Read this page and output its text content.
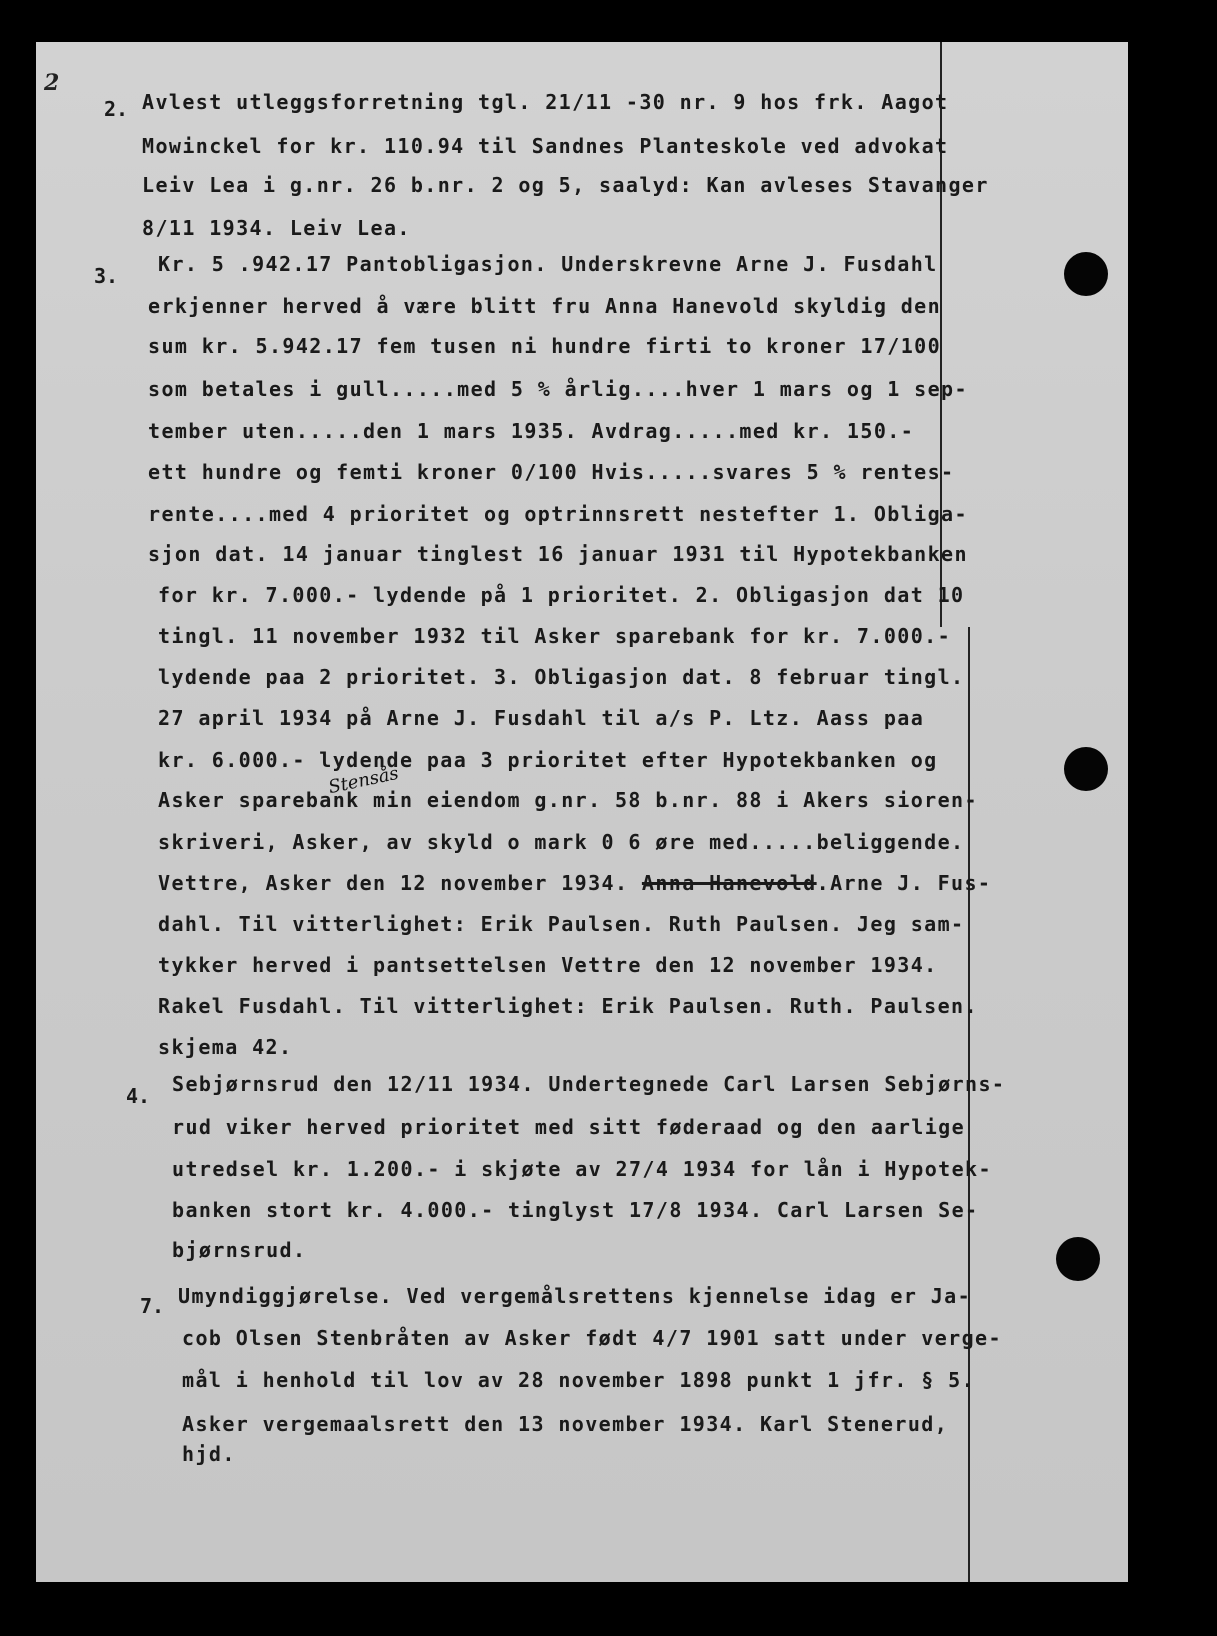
2
2. Avlest utleggsforretning tgl. 21/11 -30 nr. 9 hos frk. Aagot
Mowinckel for kr. 110.94 til Sandnes Planteskole ved advokat
Leiv Lea i g.nr. 26 b.nr. 2 og 5, saalyd: Kan avleses Stavanger
8/11 1934. Leiv Lea.
3. Kr. 5 .942.17 Pantobligasjon. Underskrevne Arne J. Fusdahl
erkjenner herved å være blitt fru Anna Hanevold skyldig den
sum kr. 5.942.17 fem tusen ni hundre firti to kroner 17/100
som betales i gull.....med 5 % årlig....hver 1 mars og 1 sep-
tember uten.....den 1 mars 1935. Avdrag.....med kr. 150.-
ett hundre og femti kroner 0/100 Hvis.....svares 5 % rentes-
rente....med 4 prioritet og optrinnsrett nestefter 1. Obliga-
sjon dat. 14 januar tinglest 16 januar 1931 til Hypotekbanken
for kr. 7.000.- lydende på 1 prioritet. 2. Obligasjon dat 10
tingl. 11 november 1932 til Asker sparebank for kr. 7.000.-
lydende paa 2 prioritet. 3. Obligasjon dat. 8 februar tingl.
27 april 1934 på Arne J. Fusdahl til a/s P. Ltz. Aass paa
kr. 6.000.- lydende paa 3 prioritet efter Hypotekbanken og
Stensås
Asker sparebank min eiendom g.nr. 58 b.nr. 88 i Akers sioren-
skriveri, Asker, av skyld o mark 0 6 øre med.....beliggende.
Vettre, Asker den 12 november 1934. Anna Hanevold.Arne J. Fus-
dahl. Til vitterlighet: Erik Paulsen. Ruth Paulsen. Jeg sam-
tykker herved i pantsettelsen Vettre den 12 november 1934.
Rakel Fusdahl. Til vitterlighet: Erik Paulsen. Ruth. Paulsen.
skjema 42.
4. Sebjørnsrud den 12/11 1934. Undertegnede Carl Larsen Sebjørns-
rud viker herved prioritet med sitt føderaad og den aarlige
utredsel kr. 1.200.- i skjøte av 27/4 1934 for lån i Hypotek-
banken stort kr. 4.000.- tinglyst 17/8 1934. Carl Larsen Se-
bjørnsrud.
7. Umyndiggjørelse. Ved vergemålsrettens kjennelse idag er Ja-
cob Olsen Stenbråten av Asker født 4/7 1901 satt under verge-
mål i henhold til lov av 28 november 1898 punkt 1 jfr. § 5.
Asker vergemaalsrett den 13 november 1934. Karl Stenerud,
hjd.
